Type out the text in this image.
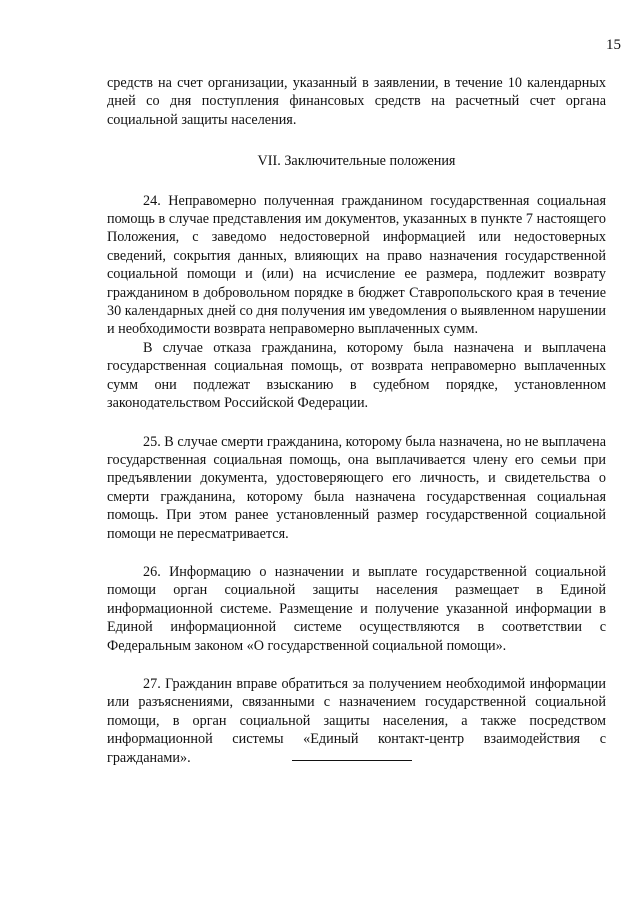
15

средств на счет организации, указанный в заявлении, в течение 10 календарных дней со дня поступления финансовых средств на расчетный счет органа социальной защиты населения.

VII. Заключительные положения

24. Неправомерно полученная гражданином государственная социальная помощь в случае представления им документов, указанных в пункте 7 настоящего Положения, с заведомо недостоверной информацией или недостоверных сведений, сокрытия данных, влияющих на право назначения государственной социальной помощи и (или) на исчисление ее размера, подлежит возврату гражданином в добровольном порядке в бюджет Ставропольского края в течение 30 календарных дней со дня получения им уведомления о выявленном нарушении и необходимости возврата неправомерно выплаченных сумм.

В случае отказа гражданина, которому была назначена и выплачена государственная социальная помощь, от возврата неправомерно выплаченных сумм они подлежат взысканию в судебном порядке, установленном законодательством Российской Федерации.

25. В случае смерти гражданина, которому была назначена, но не выплачена государственная социальная помощь, она выплачивается члену его семьи при предъявлении документа, удостоверяющего его личность, и свидетельства о смерти гражданина, которому была назначена государственная социальная помощь. При этом ранее установленный размер государственной социальной помощи не пересматривается.

26. Информацию о назначении и выплате государственной социальной помощи орган социальной защиты населения размещает в Единой информационной системе. Размещение и получение указанной информации в Единой информационной системе осуществляются в соответствии с Федеральным законом «О государственной социальной помощи».

27. Гражданин вправе обратиться за получением необходимой информации или разъяснениями, связанными с назначением государственной социальной помощи, в орган социальной защиты населения, а также посредством информационной системы «Единый контакт-центр взаимодействия с гражданами».
